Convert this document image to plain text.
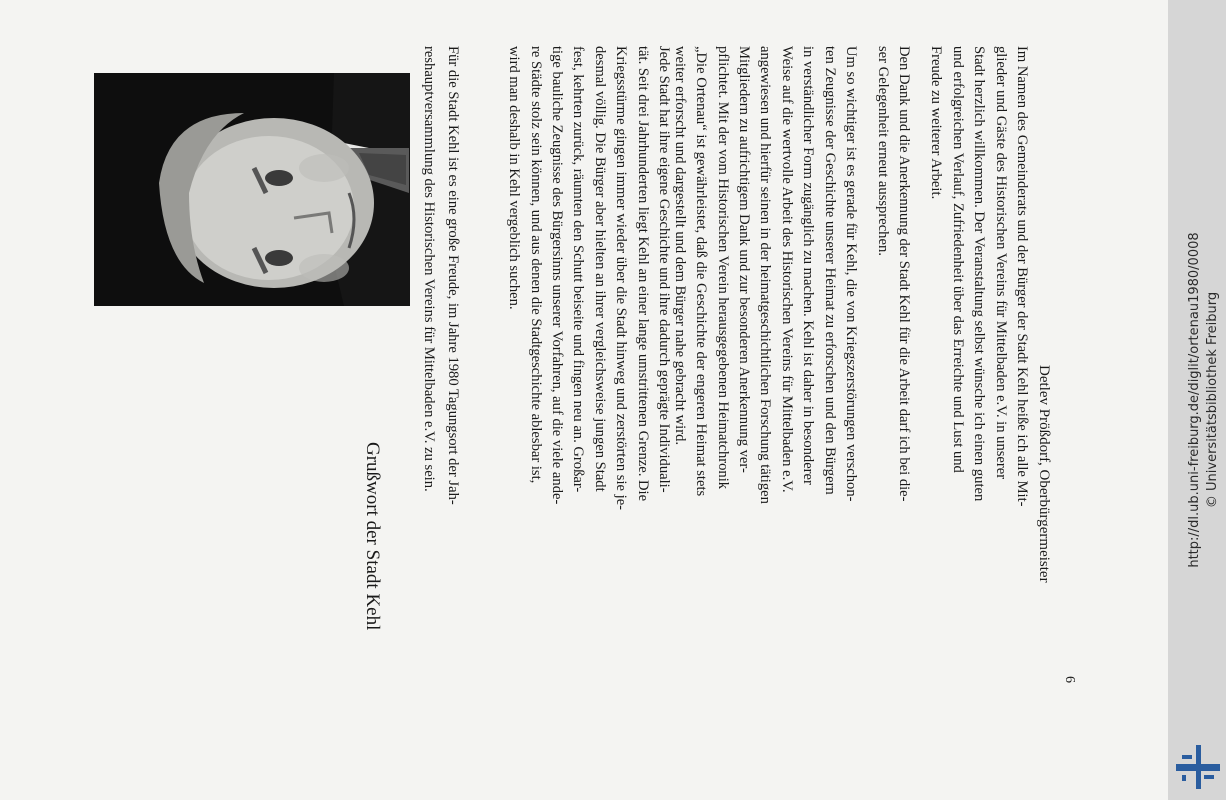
Grußwort der Stadt Kehl
6
Für die Stadt Kehl ist es eine große Freude, im Jahre 1980 Tagungsort der Jah-
reshauptversammlung des Historischen Vereins für Mittelbaden e.V. zu sein.	Jede Stadt hat ihre eigene Geschichte und ihre dadurch geprägte Individuali-
tät. Seit drei Jahrhunderten liegt Kehl an einer lange umstrittenen Grenze. Die
Kriegsstürme gingen immer wieder über die Stadt hinweg und zerstörten sie je-
desmal völlig. Die Bürger aber hielten an ihrer vergleichsweise jungen Stadt
fest, kehrten zurück, räumten den Schutt beiseite und fingen neu an. Großar-
tige bauliche Zeugnisse des Bürgersinns unserer Vorfahren, auf die viele ande-
re Städte stolz sein können, und aus denen die Stadtgeschichte ablesbar ist,
wird man deshalb in Kehl vergeblich suchen.	Um so wichtiger ist es gerade für Kehl, die von Kriegszerstörungen verschon-
ten Zeugnisse der Geschichte unserer Heimat zu erforschen und den Bürgern
in verständlicher Form zugänglich zu machen. Kehl ist daher in besonderer
Weise auf die wertvolle Arbeit des Historischen Vereins für Mittelbaden e.V.
angewiesen und hierfür seinen in der heimatgeschichtlichen Forschung tätigen
Mitgliedern zu aufrichtigem Dank und zur besonderen Anerkennung ver-
pflichtet. Mit der vom Historischen Verein herausgegebenen Heimatchronik
„Die Ortenau“ ist gewährleistet, daß die Geschichte der engeren Heimat stets
weiter erforscht und dargestellt und dem Bürger nahe gebracht wird.	Den Dank und die Anerkennung der Stadt Kehl für die Arbeit darf ich bei die-
ser Gelegenheit erneut aussprechen.	Im Namen des Gemeinderats und der Bürger der Stadt Kehl heiße ich alle Mit-
glieder und Gäste des Historischen Vereins für Mittelbaden e.V. in unserer
Stadt herzlich willkommen. Der Veranstaltung selbst wünsche ich einen guten
und erfolgreichen Verlauf, Zufriedenheit über das Erreichte und Lust und
Freude zu weiterer Arbeit.
Detlev Prößdorf, Oberbürgermeister	http://dl.ub.uni-freiburg.de/diglit/ortenau1980/0008 © Universitätsbibliothek Freiburg
